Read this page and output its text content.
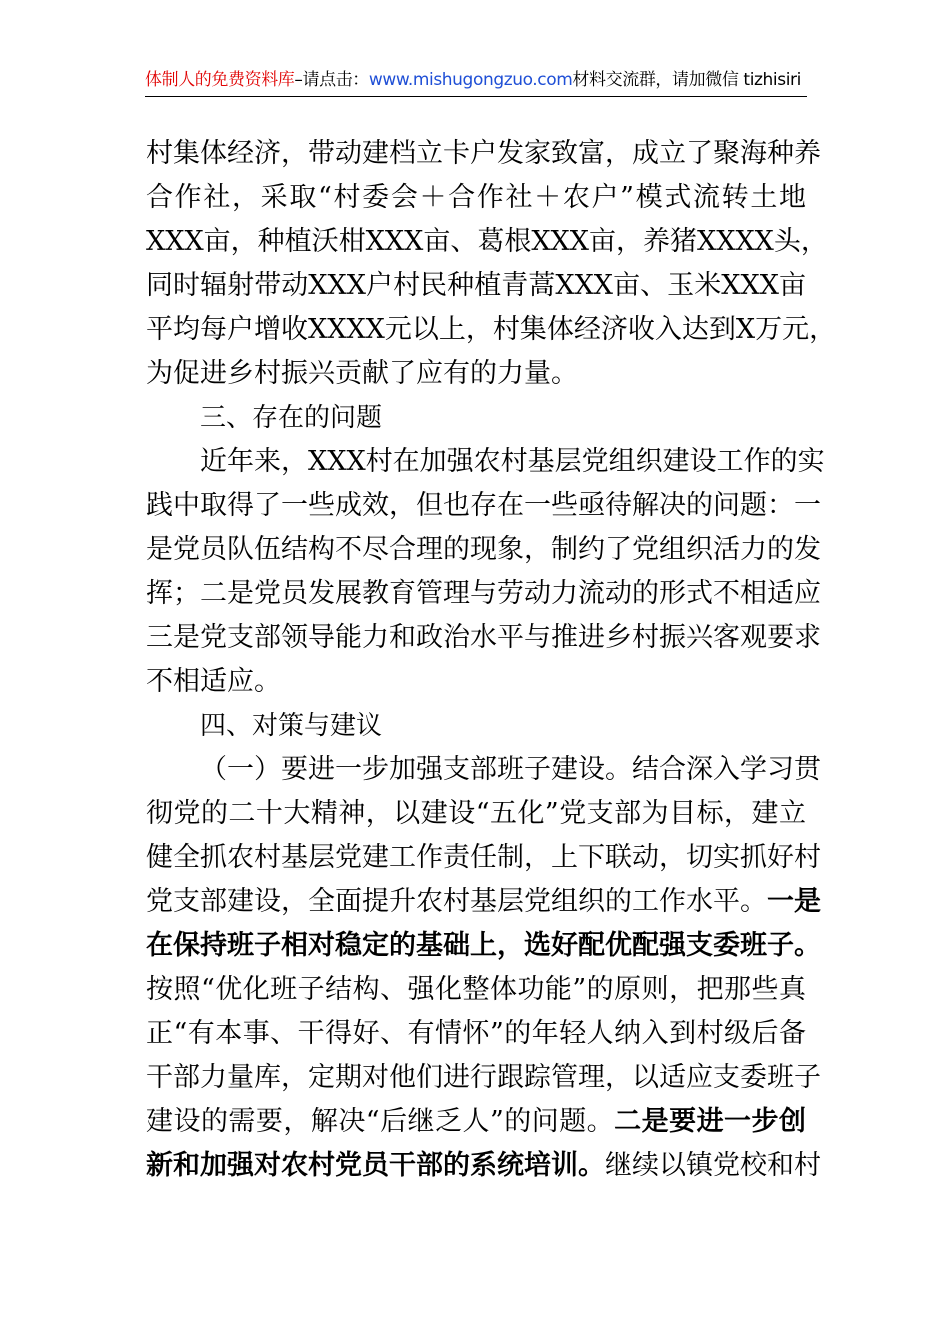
体制人的免费资料库–请点击：www.mishugongzuo.com材料交流群，请加微信 tizhisiri
村集体经济，带动建档立卡户发家致富，成立了聚海种养
合作社，采取“村委会＋合作社＋农户”模式流转土地
XXX亩，种植沃柑XXX亩、葛根XXX亩，养猪XXXX头，
同时辐射带动XXX户村民种植青蒿XXX亩、玉米XXX亩
平均每户增收XXXX元以上，村集体经济收入达到X万元，
为促进乡村振兴贡献了应有的力量。
三、存在的问题
近年来，XXX村在加强农村基层党组织建设工作的实
践中取得了一些成效，但也存在一些亟待解决的问题：一
是党员队伍结构不尽合理的现象，制约了党组织活力的发
挥；二是党员发展教育管理与劳动力流动的形式不相适应
三是党支部领导能力和政治水平与推进乡村振兴客观要求
不相适应。
四、对策与建议
（一）要进一步加强支部班子建设。结合深入学习贯
彻党的二十大精神，以建设“五化”党支部为目标，建立
健全抓农村基层党建工作责任制，上下联动，切实抓好村
党支部建设，全面提升农村基层党组织的工作水平。一是
在保持班子相对稳定的基础上，选好配优配强支委班子。
按照“优化班子结构、强化整体功能”的原则，把那些真
正“有本事、干得好、有情怀”的年轻人纳入到村级后备
干部力量库，定期对他们进行跟踪管理，以适应支委班子
建设的需要，解决“后继乏人”的问题。二是要进一步创
新和加强对农村党员干部的系统培训。继续以镇党校和村
